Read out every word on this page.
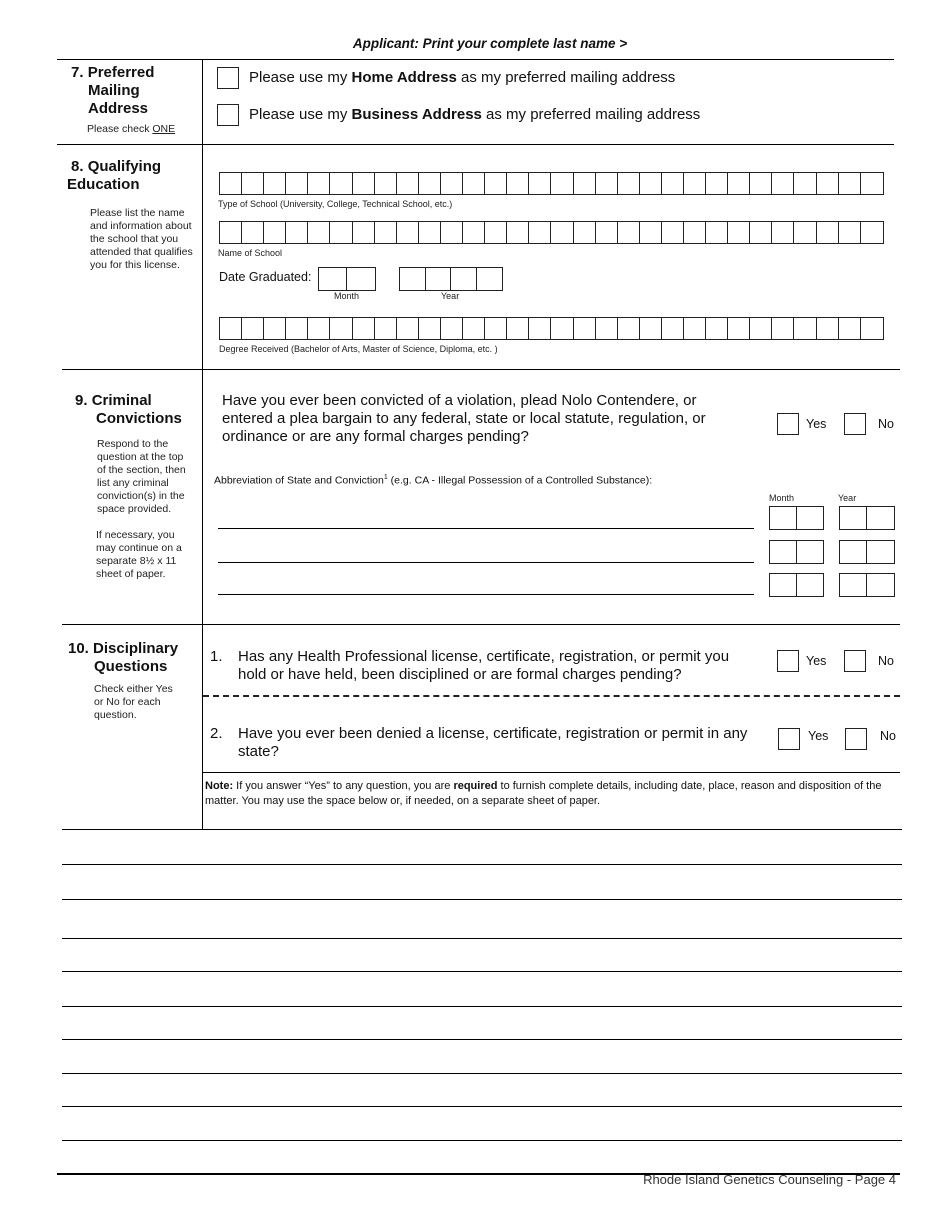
Applicant: Print your complete last name >
7. Preferred
Mailing
Address
Please check ONE
Please use my Home Address as my preferred mailing address
Please use my Business Address as my preferred mailing address
8. Qualifying
Education
Please list the name and information about the school that you attended that qualifies you for this license.
Type of School (University, College, Technical School, etc.)
Name of School
Date Graduated:
Month	Year
Degree Received (Bachelor of Arts, Master of Science, Diploma, etc. )
9. Criminal
Convictions
Respond to the question at the top of the section, then list any criminal conviction(s) in the space provided.
If necessary, you may continue on a separate 8½ x 11 sheet of paper.
Have you ever been convicted of a violation, plead Nolo Contendere, or entered a plea bargain to any federal, state or local statute, regulation, or ordinance or are any formal charges pending?
Yes	No
Abbreviation of State and Conviction$^1$ (e.g. CA - Illegal Possession of a Controlled Substance):
Month	Year
10. Disciplinary
Questions
Check either Yes or No for each question.
1. Has any Health Professional license, certificate, registration, or permit you hold or have held, been disciplined or are formal charges pending?
Yes	No
2. Have you ever been denied a license, certificate, registration or permit in any state?
Yes	No
Note: If you answer “Yes” to any question, you are required to furnish complete details, including date, place, reason and disposition of the matter. You may use the space below or, if needed, on a separate sheet of paper.
Rhode Island Genetics Counseling - Page 4
